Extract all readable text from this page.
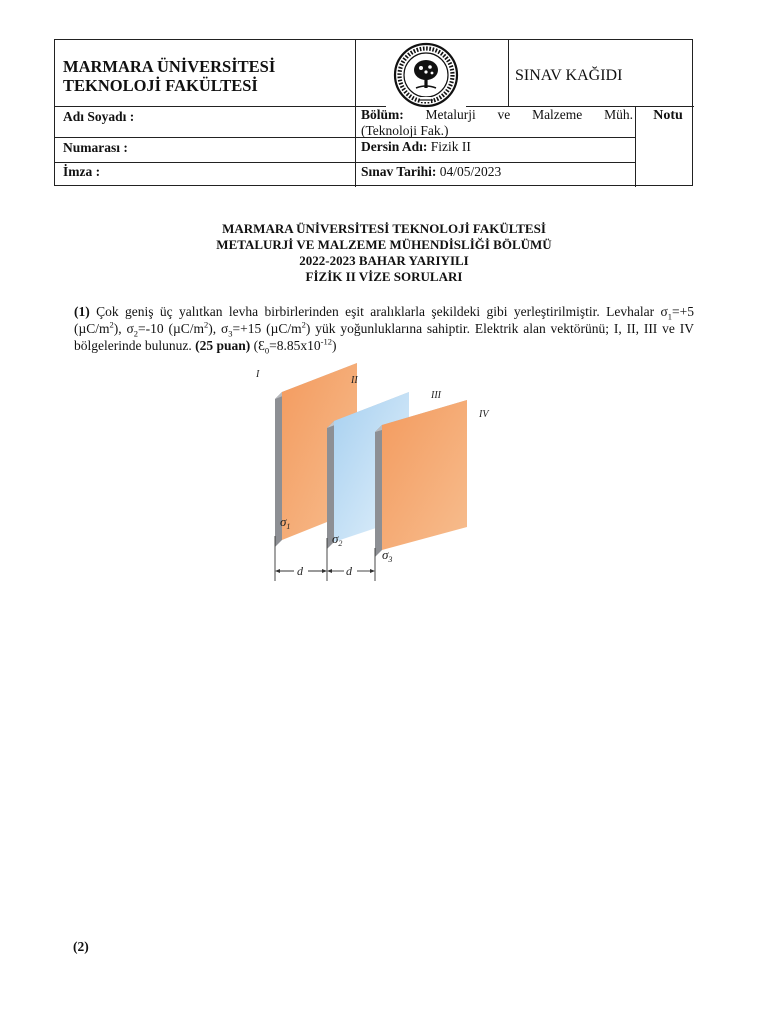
MARMARA ÜNİVERSİTESİ
TEKNOLOJİ FAKÜLTESİ
SINAV KAĞIDI
Adı Soyadı :
Numarası :
İmza :
Bölüm: Metalurji ve Malzeme Müh.
(Teknoloji Fak.)
Dersin Adı: Fizik II
Sınav Tarihi: 04/05/2023
Notu
MARMARA ÜNİVERSİTESİ TEKNOLOJİ FAKÜLTESİ
METALURJİ VE MALZEME MÜHENDİSLİĞİ BÖLÜMÜ
2022-2023 BAHAR YARIYILI
FİZİK II VİZE SORULARI
(1) Çok geniş üç yalıtkan levha birbirlerinden eşit aralıklarla şekildeki gibi yerleştirilmiştir. Levhalar $\sigma_1=+5$ $(\mu C/m^2)$, $\sigma_2=-10$ $(\mu C/m^2)$, $\sigma_3=+15$ $(\mu C/m^2)$ yük yoğunluklarına sahiptir. Elektrik alan vektörünü; I, II, III ve IV bölgelerinde bulunuz. (25 puan) $(Ɛ_0=8.85x10^{-12})$
I
II
III
IV
$\sigma_1$
$\sigma_2$
$\sigma_3$
d	d
(2)
